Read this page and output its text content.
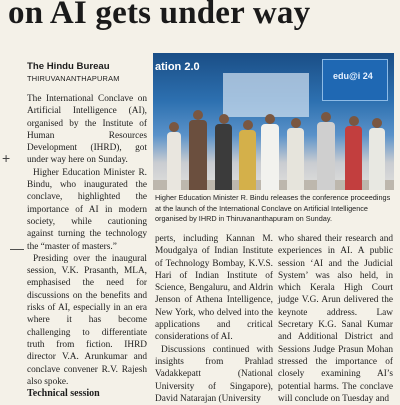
on AI gets under way
The Hindu Bureau
THIRUVANANTHAPURAM

The International Conclave on Artificial Intelligence (AI), organised by the Institute of Human Resources Development (IHRD), got under way here on Sunday.

Higher Education Minister R. Bindu, who inaugurated the conclave, highlighted the importance of AI in modern society, while cautioning against turning the technology the “master of masters.”

Presiding over the inaugural session, V.K. Prasanth, MLA, emphasised the need for discussions on the benefits and risks of AI, especially in an era where it has become challenging to differentiate truth from fiction. IHRD director V.A. Arunkumar and conclave convener R.V. Rajesh also spoke.

Technical session
ation 2.0
edu@i 24
Higher Education Minister R. Bindu releases the conference proceedings at the launch of the International Conclave on Artificial Intelligence organised by IHRD in Thiruvananthapuram on Sunday.

perts, including Kannan M. Moudgalya of Indian Institute of Technology Bombay, K.V.S. Hari of Indian Institute of Science, Bengaluru, and Aldrin Jenson of Athena Intelligence, New York, who delved into the applications and critical considerations of AI.

Discussions continued with insights from Prahlad Vadakkepatt (National University of Singapore), David Natarajan (University

who shared their research and experiences in AI. A public session ‘AI and the Judicial System’ was also held, in which Kerala High Court judge V.G. Arun delivered the keynote address. Law Secretary K.G. Sanal Kumar and Additional District and Sessions Judge Prasun Mohan stressed the importance of closely examining AI’s potential harms. The conclave will conclude on Tuesday and

+
—
